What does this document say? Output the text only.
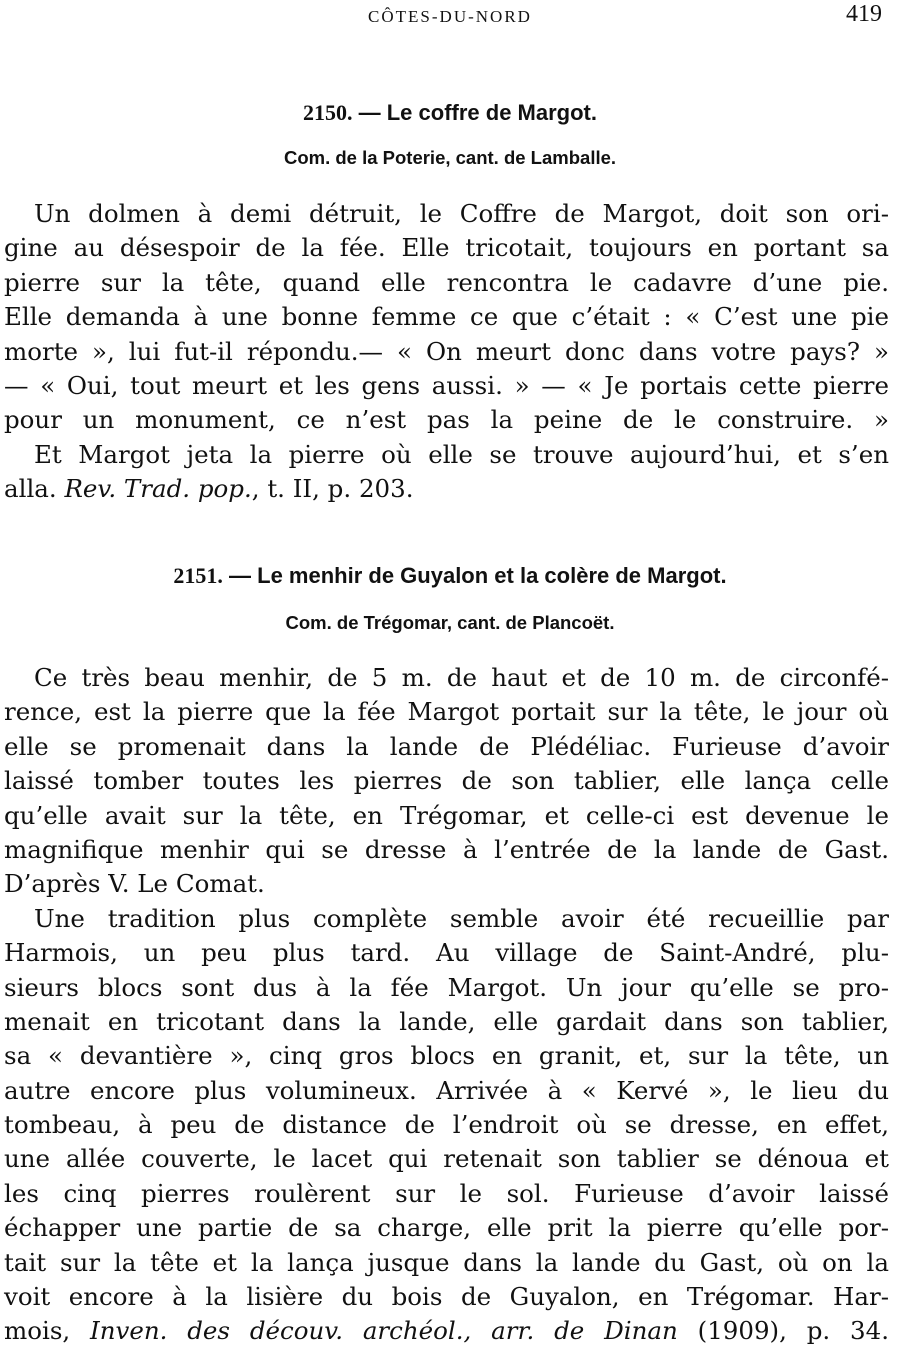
CÔTES-DU-NORD	419
2150. — Le coffre de Margot.
Com. de la Poterie, cant. de Lamballe.
Un dolmen à demi détruit, le Coffre de Margot, doit son ori-
gine au désespoir de la fée. Elle tricotait, toujours en portant sa
pierre sur la tête, quand elle rencontra le cadavre d’une pie.
Elle demanda à une bonne femme ce que c’était : « C’est une pie
morte », lui fut-il répondu.— « On meurt donc dans votre pays? »
— « Oui, tout meurt et les gens aussi. » — « Je portais cette pierre
pour un monument, ce n’est pas la peine de le construire. »
Et Margot jeta la pierre où elle se trouve aujourd’hui, et s’en
alla. Rev. Trad. pop., t. II, p. 203.
2151. — Le menhir de Guyalon et la colère de Margot.
Com. de Trégomar, cant. de Plancoët.
Ce très beau menhir, de 5 m. de haut et de 10 m. de circonfé-
rence, est la pierre que la fée Margot portait sur la tête, le jour où
elle se promenait dans la lande de Plédéliac. Furieuse d’avoir
laissé tomber toutes les pierres de son tablier, elle lança celle
qu’elle avait sur la tête, en Trégomar, et celle-ci est devenue le
magnifique menhir qui se dresse à l’entrée de la lande de Gast.
D’après V. Le Comat.
Une tradition plus complète semble avoir été recueillie par
Harmois, un peu plus tard. Au village de Saint-André, plu-
sieurs blocs sont dus à la fée Margot. Un jour qu’elle se pro-
menait en tricotant dans la lande, elle gardait dans son tablier,
sa « devantière », cinq gros blocs en granit, et, sur la tête, un
autre encore plus volumineux. Arrivée à « Kervé », le lieu du
tombeau, à peu de distance de l’endroit où se dresse, en effet,
une allée couverte, le lacet qui retenait son tablier se dénoua et
les cinq pierres roulèrent sur le sol. Furieuse d’avoir laissé
échapper une partie de sa charge, elle prit la pierre qu’elle por-
tait sur la tête et la lança jusque dans la lande du Gast, où on la
voit encore à la lisière du bois de Guyalon, en Trégomar. Har-
mois, Inven. des découv. archéol., arr. de Dinan (1909), p. 34.
